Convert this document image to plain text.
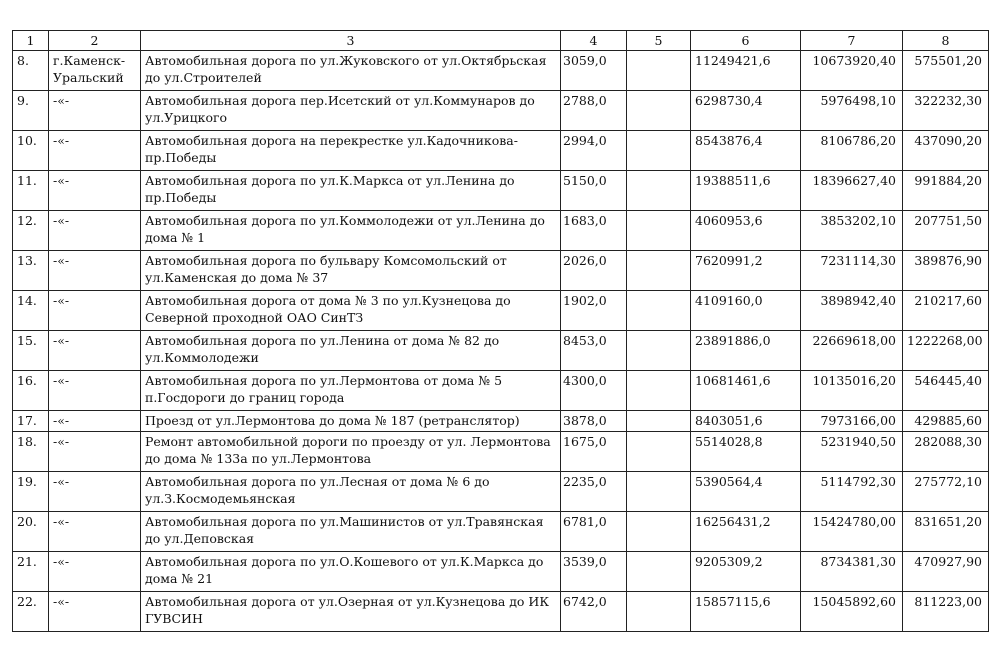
1	2	3	4	5	6	7	8
8.	г.Каменск-Уральский	Автомобильная дорога по ул.Жуковского от ул.Октябрьская до ул.Строителей	3059,0		11249421,6	10673920,40	575501,20
9.	-«-	Автомобильная дорога пер.Исетский от ул.Коммунаров до ул.Урицкого	2788,0		6298730,4	5976498,10	322232,30
10.	-«-	Автомобильная дорога на перекрестке ул.Кадочникова-пр.Победы	2994,0		8543876,4	8106786,20	437090,20
11.	-«-	Автомобильная дорога по ул.К.Маркса от ул.Ленина до пр.Победы	5150,0		19388511,6	18396627,40	991884,20
12.	-«-	Автомобильная дорога по ул.Коммолодежи от ул.Ленина до дома № 1	1683,0		4060953,6	3853202,10	207751,50
13.	-«-	Автомобильная дорога по бульвару Комсомольский от ул.Каменская до дома № 37	2026,0		7620991,2	7231114,30	389876,90
14.	-«-	Автомобильная дорога от дома № 3 по ул.Кузнецова до Северной проходной ОАО СинТЗ	1902,0		4109160,0	3898942,40	210217,60
15.	-«-	Автомобильная дорога по ул.Ленина от дома № 82 до ул.Коммолодежи	8453,0		23891886,0	22669618,00	1222268,00
16.	-«-	Автомобильная дорога по ул.Лермонтова от дома № 5 п.Госдороги до границ города	4300,0		10681461,6	10135016,20	546445,40
17.	-«-	Проезд от ул.Лермонтова до дома № 187 (ретранслятор)	3878,0		8403051,6	7973166,00	429885,60
18.	-«-	Ремонт автомобильной дороги по проезду от ул. Лермонтова до дома № 133а по ул.Лермонтова	1675,0		5514028,8	5231940,50	282088,30
19.	-«-	Автомобильная дорога по ул.Лесная от дома № 6 до ул.З.Космодемьянская	2235,0		5390564,4	5114792,30	275772,10
20.	-«-	Автомобильная дорога по ул.Машинистов от ул.Травянская до ул.Деповская	6781,0		16256431,2	15424780,00	831651,20
21.	-«-	Автомобильная дорога по ул.О.Кошевого от ул.К.Маркса до дома № 21	3539,0		9205309,2	8734381,30	470927,90
22.	-«-	Автомобильная дорога от ул.Озерная от ул.Кузнецова до ИК ГУВСИН	6742,0		15857115,6	15045892,60	811223,00
